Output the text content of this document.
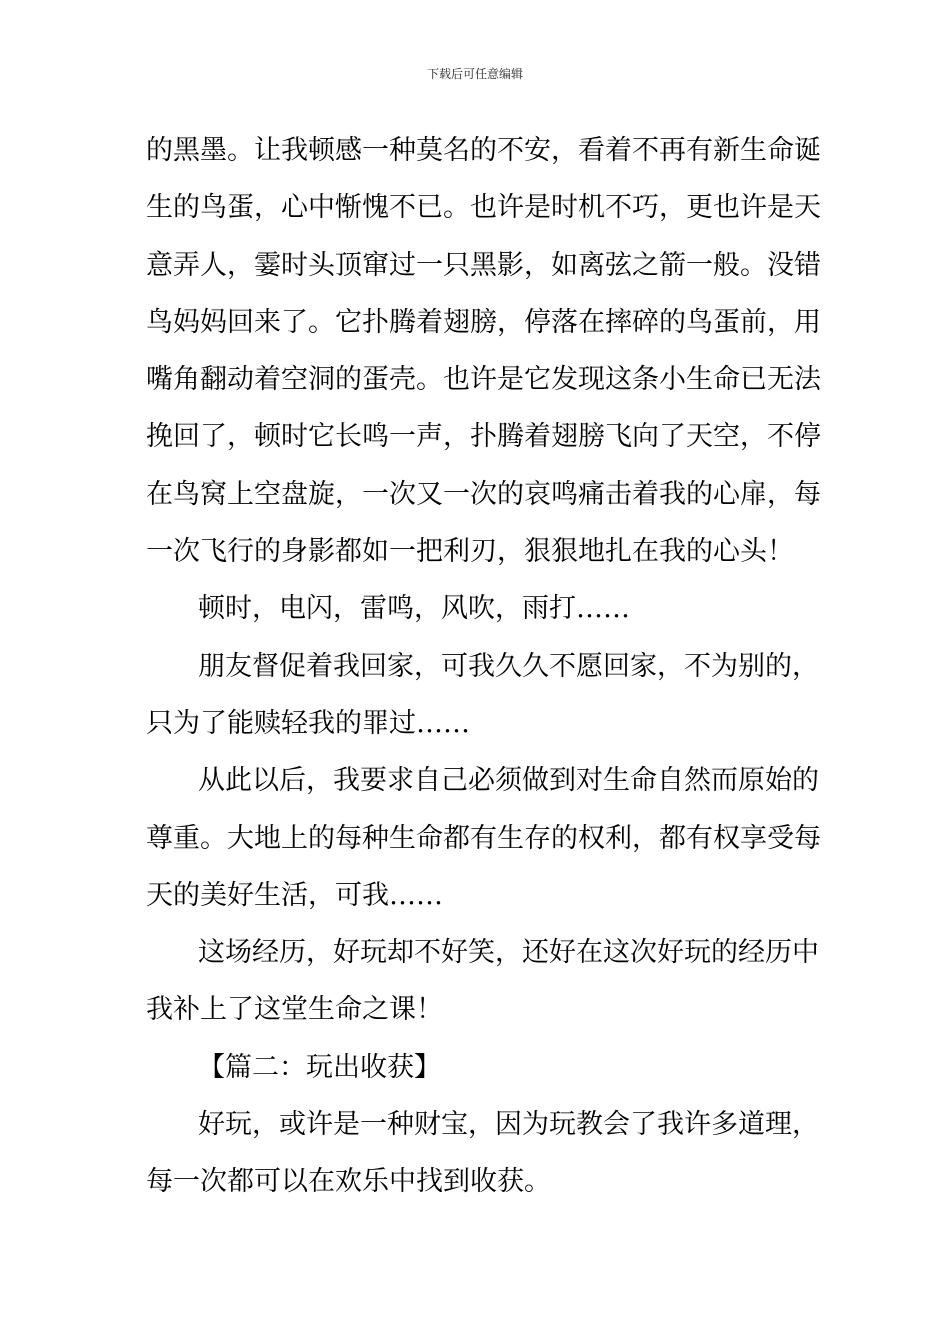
下载后可任意编辑
的黑墨。让我顿感一种莫名的不安，看着不再有新生命诞
生的鸟蛋，心中惭愧不已。也许是时机不巧，更也许是天
意弄人，霎时头顶窜过一只黑影，如离弦之箭一般。没错
鸟妈妈回来了。它扑腾着翅膀，停落在摔碎的鸟蛋前，用
嘴角翻动着空洞的蛋壳。也许是它发现这条小生命已无法
挽回了，顿时它长鸣一声，扑腾着翅膀飞向了天空，不停
在鸟窝上空盘旋，一次又一次的哀鸣痛击着我的心扉，每
一次飞行的身影都如一把利刃，狠狠地扎在我的心头！
顿时，电闪，雷鸣，风吹，雨打……
朋友督促着我回家，可我久久不愿回家，不为别的，
只为了能赎轻我的罪过……
从此以后，我要求自己必须做到对生命自然而原始的
尊重。大地上的每种生命都有生存的权利，都有权享受每
天的美好生活，可我……
这场经历，好玩却不好笑，还好在这次好玩的经历中
我补上了这堂生命之课！
【篇二：玩出收获】
好玩，或许是一种财宝，因为玩教会了我许多道理，
每一次都可以在欢乐中找到收获。
